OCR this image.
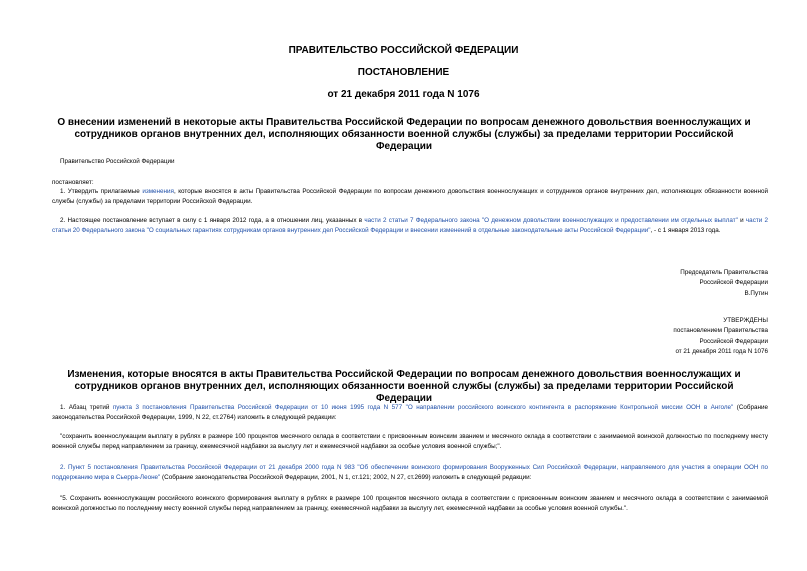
ПРАВИТЕЛЬСТВО РОССИЙСКОЙ ФЕДЕРАЦИИ
ПОСТАНОВЛЕНИЕ
от 21 декабря 2011 года N 1076
О внесении изменений в некоторые акты Правительства Российской Федерации по вопросам денежного довольствия военнослужащих и сотрудников органов внутренних дел, исполняющих обязанности военной службы (службы) за пределами территории Российской Федерации
Правительство Российской Федерации
постановляет:
1. Утвердить прилагаемые изменения, которые вносятся в акты Правительства Российской Федерации по вопросам денежного довольствия военнослужащих и сотрудников органов внутренних дел, исполняющих обязанности военной службы (службы) за пределами территории Российской Федерации.
2. Настоящее постановление вступает в силу с 1 января 2012 года, а в отношении лиц, указанных в части 2 статьи 7 Федерального закона "О денежном довольствии военнослужащих и предоставлении им отдельных выплат" и части 2 статьи 20 Федерального закона "О социальных гарантиях сотрудникам органов внутренних дел Российской Федерации и внесении изменений в отдельные законодательные акты Российской Федерации", - с 1 января 2013 года.
Председатель Правительства
Российской Федерации
В.Путин
УТВЕРЖДЕНЫ
постановлением Правительства
Российской Федерации
от 21 декабря 2011 года N 1076
Изменения, которые вносятся в акты Правительства Российской Федерации по вопросам денежного довольствия военнослужащих и сотрудников органов внутренних дел, исполняющих обязанности военной службы (службы) за пределами территории Российской Федерации
1. Абзац третий пункта 3 постановления Правительства Российской Федерации от 10 июня 1995 года N 577 "О направлении российского воинского контингента в распоряжение Контрольной миссии ООН в Анголе" (Собрание законодательства Российской Федерации, 1999, N 22, ст.2764) изложить в следующей редакции:
"сохранить военнослужащим выплату в рублях в размере 100 процентов месячного оклада в соответствии с присвоенным воинским званием и месячного оклада в соответствии с занимаемой воинской должностью по последнему месту военной службы перед направлением за границу, ежемесячной надбавки за выслугу лет и ежемесячной надбавки за особые условия военной службы;".
2. Пункт 5 постановления Правительства Российской Федерации от 21 декабря 2000 года N 983 "Об обеспечении воинского формирования Вооруженных Сил Российской Федерации, направляемого для участия в операции ООН по поддержанию мира в Сьерра-Леоне" (Собрание законодательства Российской Федерации, 2001, N 1, ст.121; 2002, N 27, ст.2699) изложить в следующей редакции:
"5. Сохранить военнослужащим российского воинского формирования выплату в рублях в размере 100 процентов месячного оклада в соответствии с присвоенным воинским званием и месячного оклада в соответствии с занимаемой воинской должностью по последнему месту военной службы перед направлением за границу, ежемесячной надбавки за выслугу лет, ежемесячной надбавки за особые условия военной службы.".
